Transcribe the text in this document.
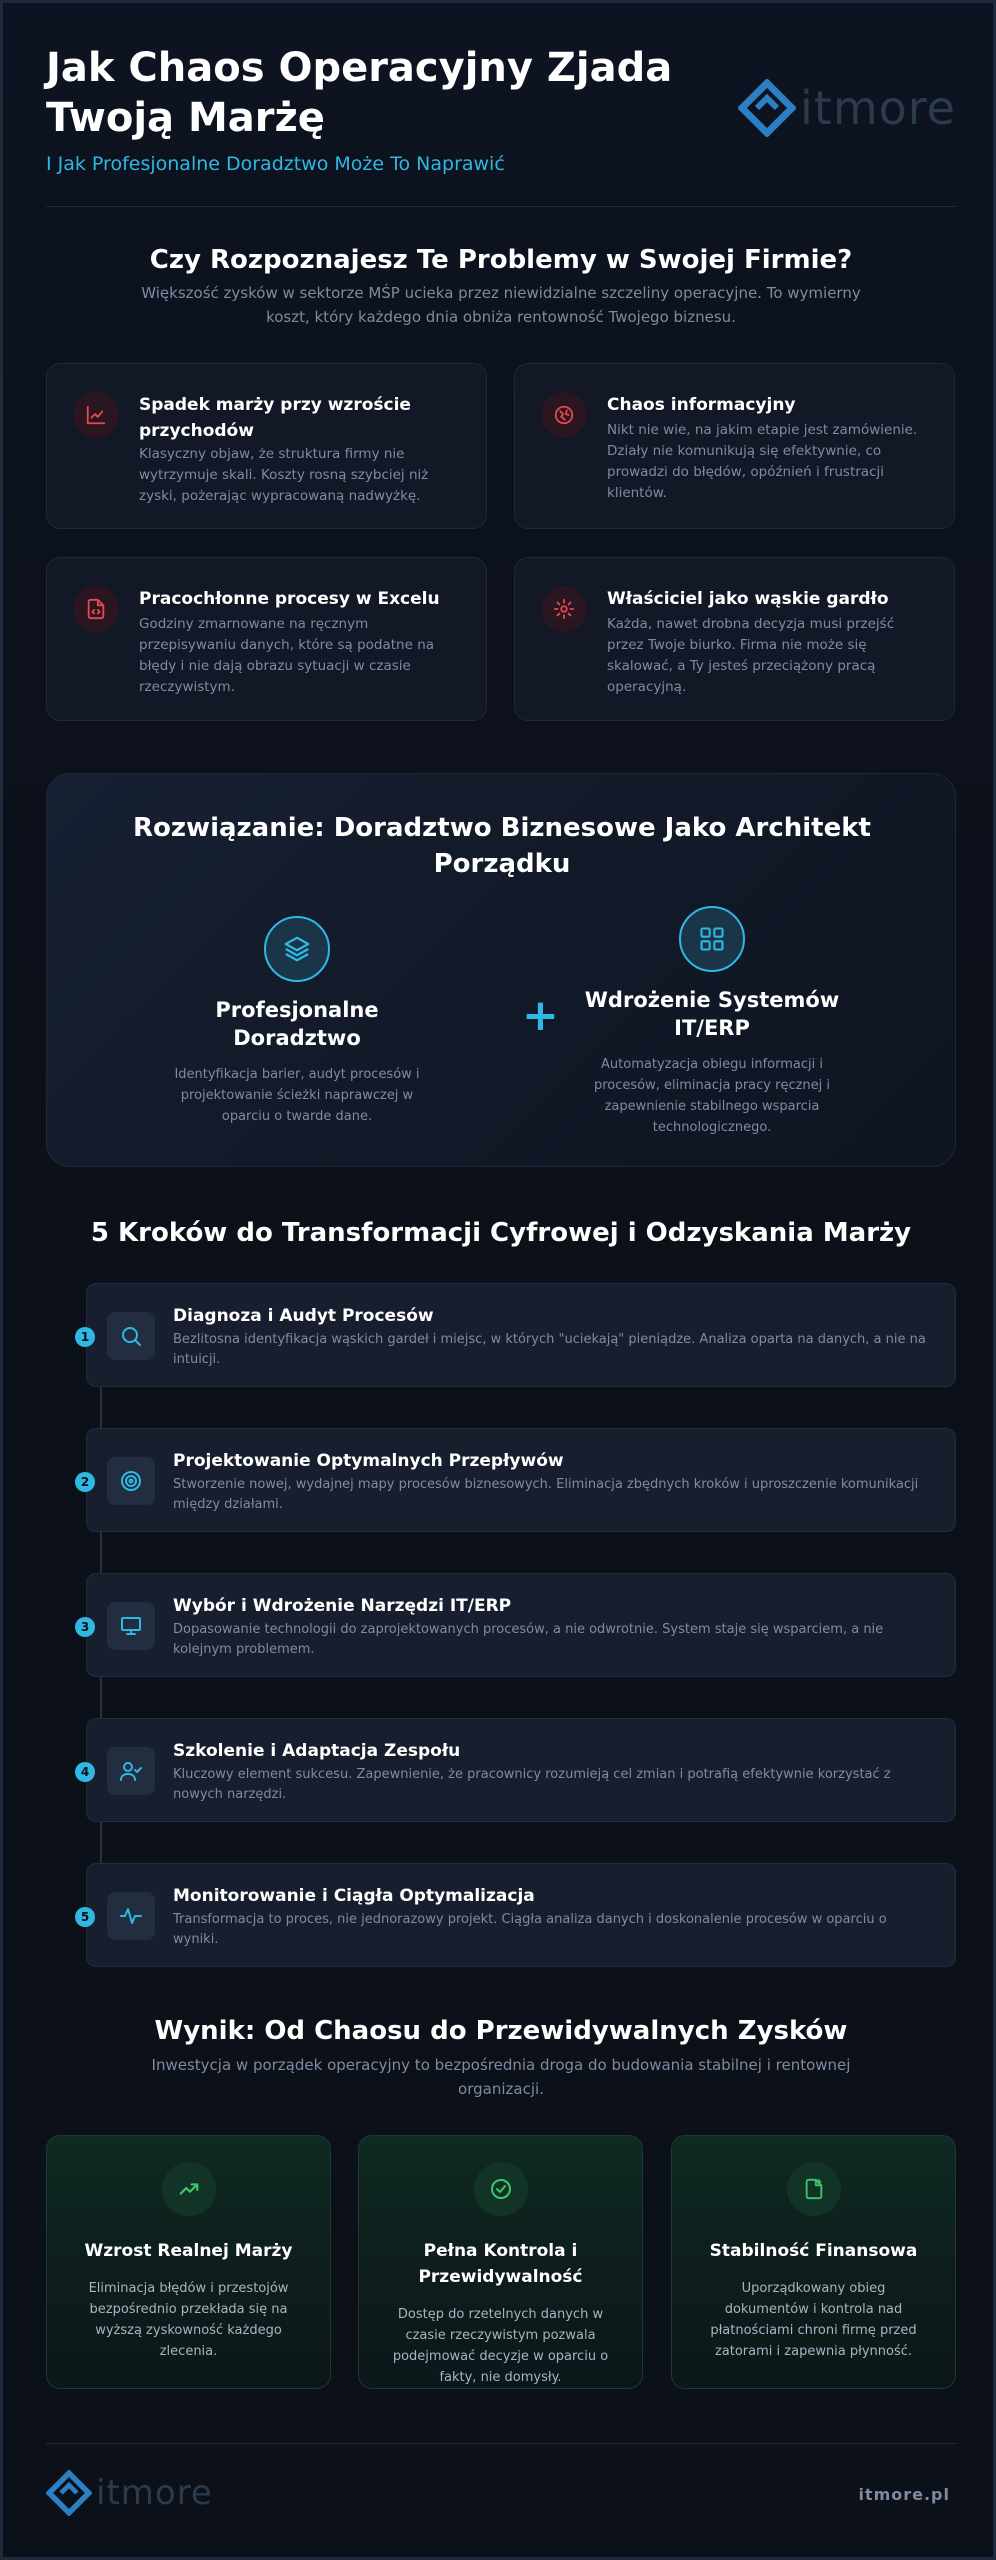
Jak Chaos Operacyjny Zjada Twoją Marżę
I Jak Profesjonalne Doradztwo Może To Naprawić
itmore
Czy Rozpoznajesz Te Problemy w Swojej Firmie?
Większość zysków w sektorze MŚP ucieka przez niewidzialne szczeliny operacyjne. To wymierny koszt, który każdego dnia obniża rentowność Twojego biznesu.
Spadek marży przy wzroście przychodów
Klasyczny objaw, że struktura firmy nie wytrzymuje skali. Koszty rosną szybciej niż zyski, pożerając wypracowaną nadwyżkę.
Chaos informacyjny
Nikt nie wie, na jakim etapie jest zamówienie. Działy nie komunikują się efektywnie, co prowadzi do błędów, opóźnień i frustracji klientów.
Pracochłonne procesy w Excelu
Godziny zmarnowane na ręcznym przepisywaniu danych, które są podatne na błędy i nie dają obrazu sytuacji w czasie rzeczywistym.
Właściciel jako wąskie gardło
Każda, nawet drobna decyzja musi przejść przez Twoje biurko. Firma nie może się skalować, a Ty jesteś przeciążony pracą operacyjną.
Rozwiązanie: Doradztwo Biznesowe Jako Architekt Porządku
Profesjonalne Doradztwo
Identyfikacja barier, audyt procesów i projektowanie ścieżki naprawczej w oparciu o twarde dane.
+	Wdrożenie Systemów IT/ERP
Automatyzacja obiegu informacji i procesów, eliminacja pracy ręcznej i zapewnienie stabilnego wsparcia technologicznego.
5 Kroków do Transformacji Cyfrowej i Odzyskania Marży
1
Diagnoza i Audyt Procesów
Bezlitosna identyfikacja wąskich gardeł i miejsc, w których "uciekają" pieniądze. Analiza oparta na danych, a nie na intuicji.
2
Projektowanie Optymalnych Przepływów
Stworzenie nowej, wydajnej mapy procesów biznesowych. Eliminacja zbędnych kroków i uproszczenie komunikacji między działami.
3
Wybór i Wdrożenie Narzędzi IT/ERP
Dopasowanie technologii do zaprojektowanych procesów, a nie odwrotnie. System staje się wsparciem, a nie kolejnym problemem.
4
Szkolenie i Adaptacja Zespołu
Kluczowy element sukcesu. Zapewnienie, że pracownicy rozumieją cel zmian i potrafią efektywnie korzystać z nowych narzędzi.
5
Monitorowanie i Ciągła Optymalizacja
Transformacja to proces, nie jednorazowy projekt. Ciągła analiza danych i doskonalenie procesów w oparciu o wyniki.
Wynik: Od Chaosu do Przewidywalnych Zysków
Inwestycja w porządek operacyjny to bezpośrednia droga do budowania stabilnej i rentownej organizacji.
Wzrost Realnej Marży
Eliminacja błędów i przestojów bezpośrednio przekłada się na wyższą zyskowność każdego zlecenia.
Pełna Kontrola i Przewidywalność
Dostęp do rzetelnych danych w czasie rzeczywistym pozwala podejmować decyzje w oparciu o fakty, nie domysły.
Stabilność Finansowa
Uporządkowany obieg dokumentów i kontrola nad płatnościami chroni firmę przed zatorami i zapewnia płynność.
itmore	itmore.pl
